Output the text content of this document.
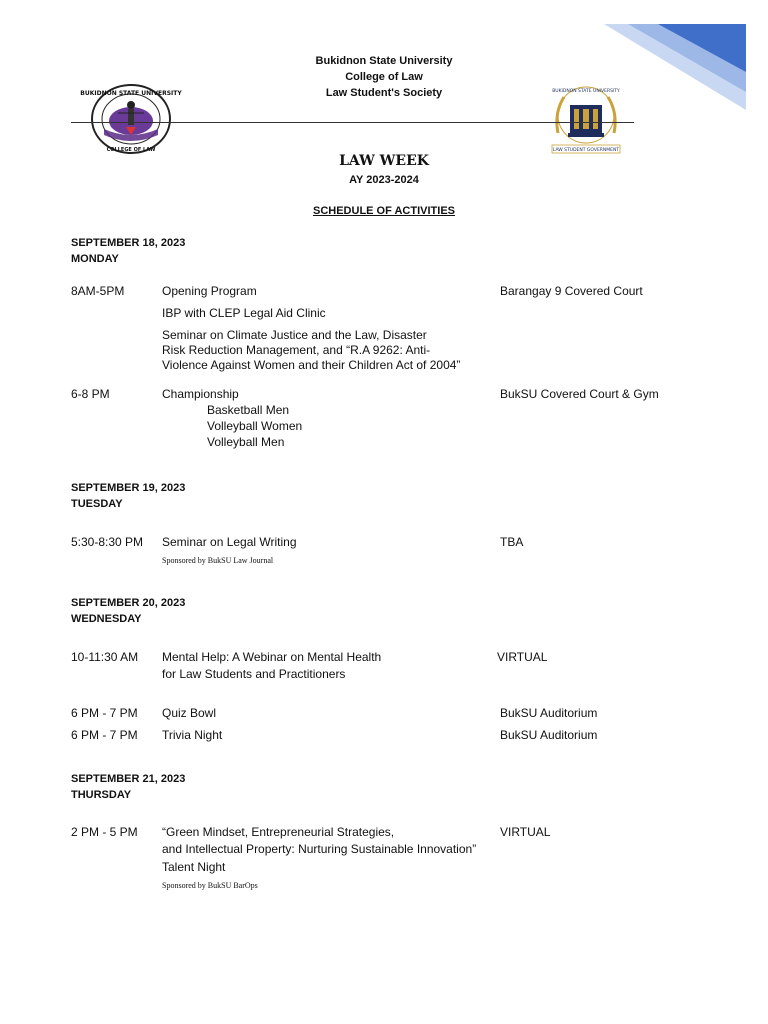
Bukidnon State University
College of Law
Law Student's Society
BUKIDNON STATE UNIVERSITY
COLLEGE OF LAW
BUKIDNON STATE UNIVERSITY
LAW STUDENT GOVERNMENT
LAW WEEK
AY 2023-2024
SCHEDULE OF ACTIVITIES
SEPTEMBER 18, 2023
MONDAY
8AM-5PM	Opening Program	Barangay 9 Covered Court
IBP with CLEP Legal Aid Clinic
Seminar on Climate Justice and the Law, Disaster
Risk Reduction Management, and “R.A 9262: Anti-
Violence Against Women and their Children Act of 2004”
6-8 PM	Championship	BukSU Covered Court & Gym
Basketball Men
Volleyball Women
Volleyball Men
SEPTEMBER 19, 2023
TUESDAY
5:30-8:30 PM Seminar on Legal Writing	TBA
Sponsored by BukSU Law Journal
SEPTEMBER 20, 2023
WEDNESDAY
10-11:30 AM Mental Help: A Webinar on Mental Health	VIRTUAL
for Law Students and Practitioners
6 PM - 7 PM Quiz Bowl	BukSU Auditorium
6 PM - 7 PM Trivia Night	BukSU Auditorium
SEPTEMBER 21, 2023
THURSDAY
2 PM - 5 PM “Green Mindset, Entrepreneurial Strategies,	VIRTUAL
and Intellectual Property: Nurturing Sustainable Innovation”
Talent Night
Sponsored by BukSU BarOps
